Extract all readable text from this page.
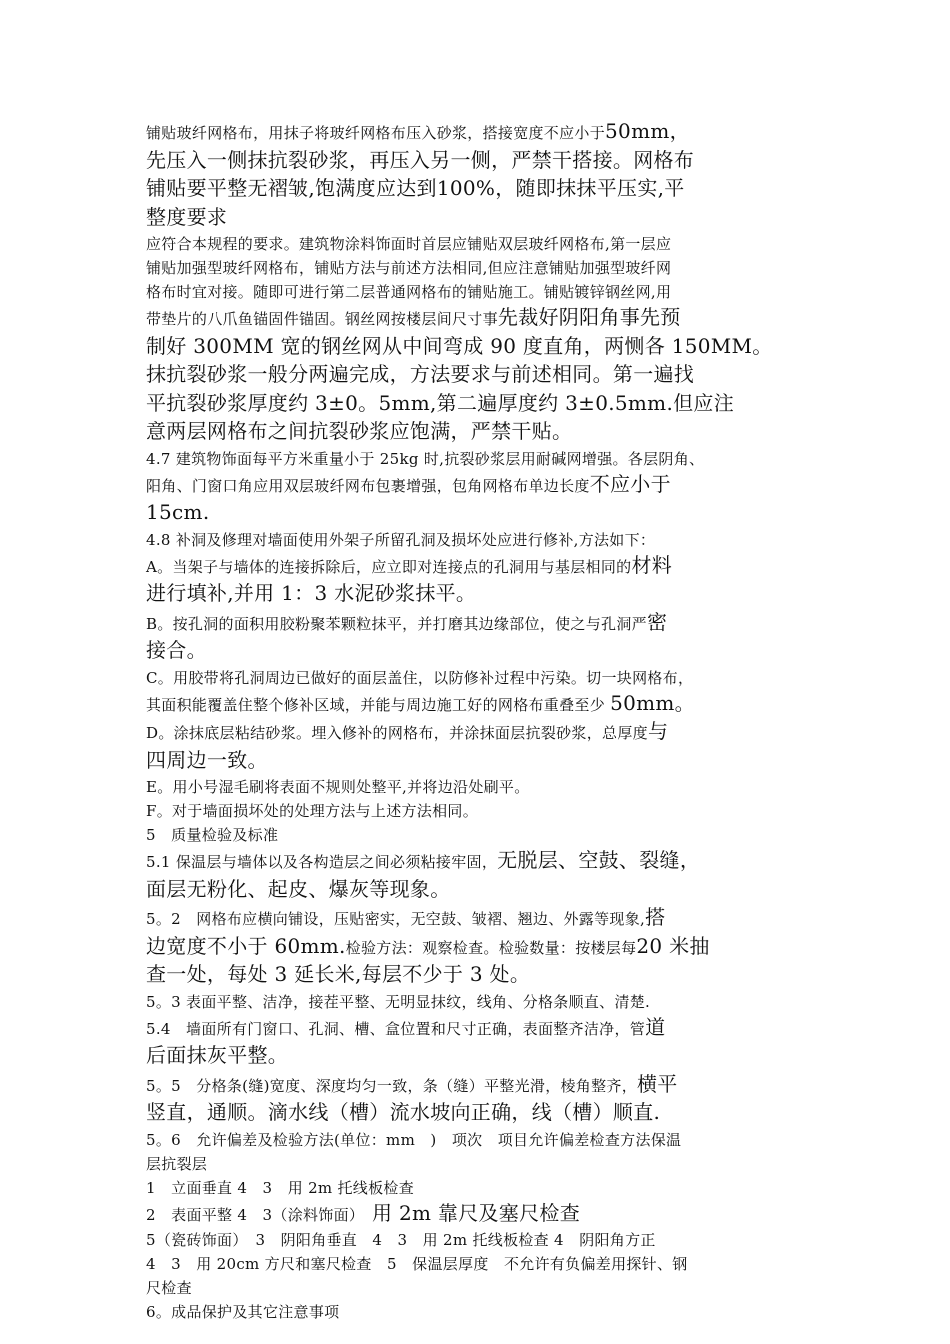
铺贴玻纤网格布，用抹子将玻纤网格布压入砂浆，搭接宽度不应小于50mm，
先压入一侧抹抗裂砂浆，再压入另一侧，严禁干搭接。网格布
铺贴要平整无褶皱,饱满度应达到100%，随即抹抹平压实,平
整度要求
应符合本规程的要求。建筑物涂料饰面时首层应铺贴双层玻纤网格布,第一层应
铺贴加强型玻纤网格布，铺贴方法与前述方法相同,但应注意铺贴加强型玻纤网
格布时宜对接。随即可进行第二层普通网格布的铺贴施工。铺贴镀锌钢丝网,用
带垫片的八爪鱼锚固件锚固。钢丝网按楼层间尺寸事先裁好阴阳角事先预
制好 300MM 宽的钢丝网从中间弯成 90 度直角，两恻各 150MM。
抹抗裂砂浆一般分两遍完成，方法要求与前述相同。第一遍找
平抗裂砂浆厚度约 3±0。5mm,第二遍厚度约 3±0.5mm.但应注
意两层网格布之间抗裂砂浆应饱满，严禁干贴。
4.7 建筑物饰面每平方米重量小于 25kg 时,抗裂砂浆层用耐碱网增强。各层阴角、
阳角、门窗口角应用双层玻纤网布包裹增强，包角网格布单边长度不应小于
15cm.
4.8 补洞及修理对墙面使用外架子所留孔洞及损坏处应进行修补,方法如下：
A。当架子与墙体的连接拆除后，应立即对连接点的孔洞用与基层相同的材料
进行填补,并用 1：3 水泥砂浆抹平。
B。按孔洞的面积用胶粉聚苯颗粒抹平，并打磨其边缘部位，使之与孔洞严密
接合。
C。用胶带将孔洞周边已做好的面层盖住，以防修补过程中污染。切一块网格布，
其面积能覆盖住整个修补区域，并能与周边施工好的网格布重叠至少 50mm。
D。涂抹底层粘结砂浆。埋入修补的网格布，并涂抹面层抗裂砂浆，总厚度与
四周边一致。
E。用小号湿毛刷将表面不规则处整平,并将边沿处刷平。
F。对于墙面损坏处的处理方法与上述方法相同。
5　质量检验及标准
5.1 保温层与墙体以及各构造层之间必须粘接牢固，无脱层、空鼓、裂缝，
面层无粉化、起皮、爆灰等现象。
5。2　网格布应横向铺设，压贴密实，无空鼓、皱褶、翘边、外露等现象,搭
边宽度不小于 60mm.检验方法：观察检查。检验数量：按楼层每20 米抽
查一处，每处 3 延长米,每层不少于 3 处。
5。3 表面平整、洁净，接茬平整、无明显抹纹，线角、分格条顺直、清楚.
5.4　墙面所有门窗口、孔洞、槽、盒位置和尺寸正确，表面整齐洁净，管道
后面抹灰平整。
5。5　分格条(缝)宽度、深度均匀一致，条（缝）平整光滑，棱角整齐，横平
竖直，通顺。滴水线（槽）流水坡向正确，线（槽）顺直.
5。6　允许偏差及检验方法(单位：mm　)　项次　项目允许偏差检查方法保温
层抗裂层
1　立面垂直 4　3　用 2m 托线板检查
2　表面平整 4　3（涂料饰面）　用 2m 靠尺及塞尺检查
5（瓷砖饰面）　3　阴阳角垂直　4　3　用 2m 托线板检查 4　阴阳角方正
4　3　用 20cm 方尺和塞尺检查　5　保温层厚度　不允许有负偏差用探针、钢
尺检查
6。成品保护及其它注意事项
